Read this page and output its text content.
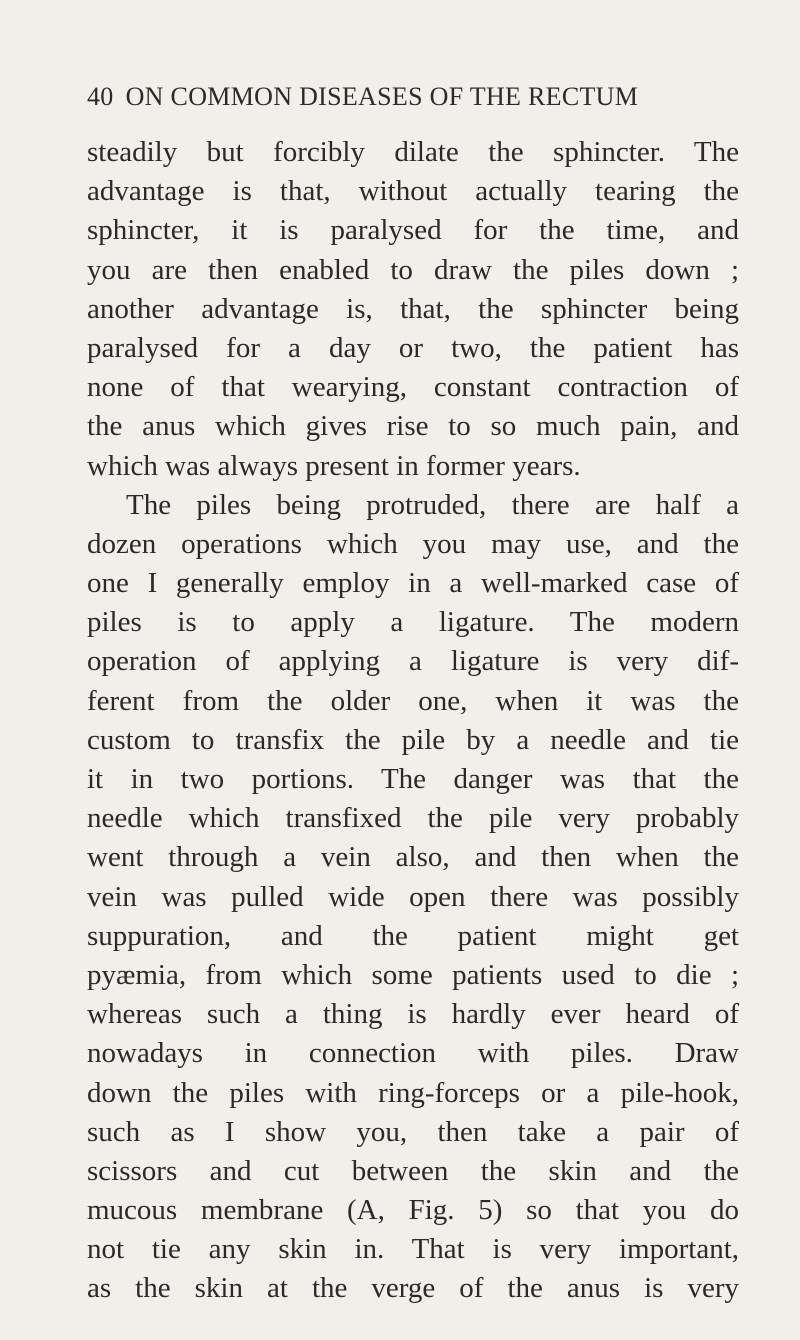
40 ON COMMON DISEASES OF THE RECTUM
steadily but forcibly dilate the sphincter. The
advantage is that, without actually tearing the
sphincter, it is paralysed for the time, and
you are then enabled to draw the piles down ;
another advantage is, that, the sphincter being
paralysed for a day or two, the patient has
none of that wearying, constant contraction of
the anus which gives rise to so much pain, and
which was always present in former years.
The piles being protruded, there are half a
dozen operations which you may use, and the
one I generally employ in a well-marked case of
piles is to apply a ligature. The modern
operation of applying a ligature is very dif-
ferent from the older one, when it was the
custom to transfix the pile by a needle and tie
it in two portions. The danger was that the
needle which transfixed the pile very probably
went through a vein also, and then when the
vein was pulled wide open there was possibly
suppuration, and the patient might get
pyæmia, from which some patients used to die ;
whereas such a thing is hardly ever heard of
nowadays in connection with piles. Draw
down the piles with ring-forceps or a pile-hook,
such as I show you, then take a pair of
scissors and cut between the skin and the
mucous membrane (A, Fig. 5) so that you do
not tie any skin in. That is very important,
as the skin at the verge of the anus is very
